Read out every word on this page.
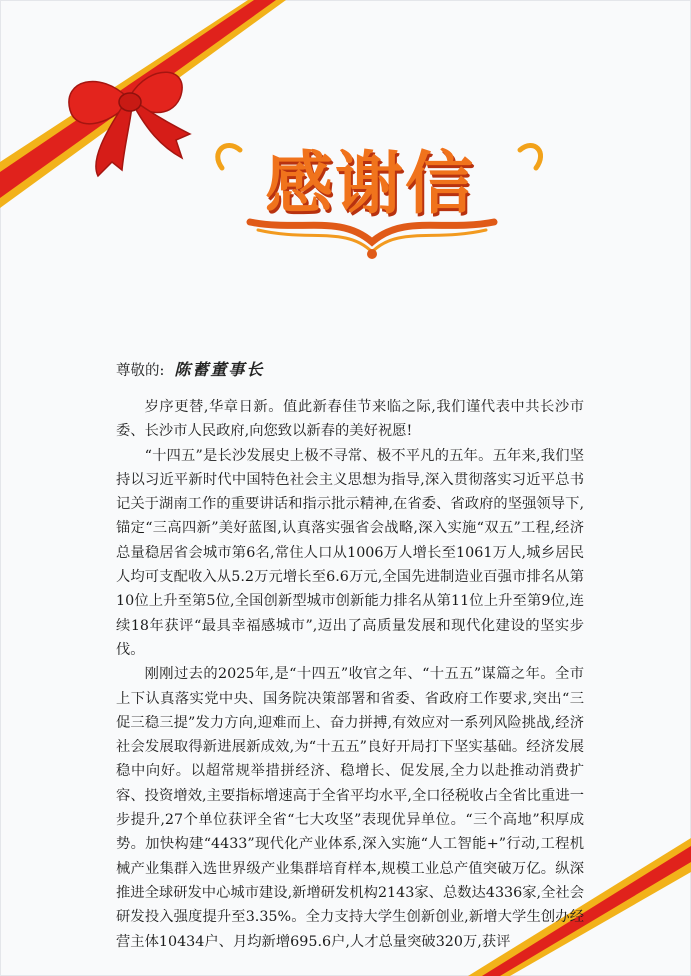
感谢信
尊敬的: 陈蓄董事长

岁序更替,华章日新。值此新春佳节来临之际,我们谨代表中共长沙市委、长沙市人民政府,向您致以新春的美好祝愿!

“十四五”是长沙发展史上极不寻常、极不平凡的五年。五年来,我们坚持以习近平新时代中国特色社会主义思想为指导,深入贯彻落实习近平总书记关于湖南工作的重要讲话和指示批示精神,在省委、省政府的坚强领导下,锚定“三高四新”美好蓝图,认真落实强省会战略,深入实施“双五”工程,经济总量稳居省会城市第6名,常住人口从1006万人增长至1061万人,城乡居民人均可支配收入从5.2万元增长至6.6万元,全国先进制造业百强市排名从第10位上升至第5位,全国创新型城市创新能力排名从第11位上升至第9位,连续18年获评“最具幸福感城市”,迈出了高质量发展和现代化建设的坚实步伐。

刚刚过去的2025年,是“十四五”收官之年、“十五五”谋篇之年。全市上下认真落实党中央、国务院决策部署和省委、省政府工作要求,突出“三促三稳三提”发力方向,迎难而上、奋力拼搏,有效应对一系列风险挑战,经济社会发展取得新进展新成效,为“十五五”良好开局打下坚实基础。经济发展稳中向好。以超常规举措拼经济、稳增长、促发展,全力以赴推动消费扩容、投资增效,主要指标增速高于全省平均水平,全口径税收占全省比重进一步提升,27个单位获评全省“七大攻坚”表现优异单位。“三个高地”积厚成势。加快构建“4433”现代化产业体系,深入实施“人工智能+”行动,工程机械产业集群入选世界级产业集群培育样本,规模工业总产值突破万亿。纵深推进全球研发中心城市建设,新增研发机构2143家、总数达4336家,全社会研发投入强度提升至3.35%。全力支持大学生创新创业,新增大学生创办经营主体10434户、月均新增695.6户,人才总量突破320万,获评
